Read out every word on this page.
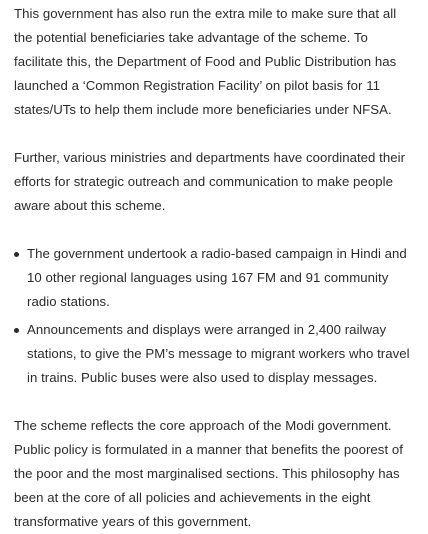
This government has also run the extra mile to make sure that all the potential beneficiaries take advantage of the scheme. To facilitate this, the Department of Food and Public Distribution has launched a ‘Common Registration Facility’ on pilot basis for 11 states/UTs to help them include more beneficiaries under NFSA.

Further, various ministries and departments have coordinated their efforts for strategic outreach and communication to make people aware about this scheme.

The government undertook a radio-based campaign in Hindi and 10 other regional languages using 167 FM and 91 community radio stations.
Announcements and displays were arranged in 2,400 railway stations, to give the PM’s message to migrant workers who travel in trains. Public buses were also used to display messages.

The scheme reflects the core approach of the Modi government. Public policy is formulated in a manner that benefits the poorest of the poor and the most marginalised sections. This philosophy has been at the core of all policies and achievements in the eight transformative years of this government.
